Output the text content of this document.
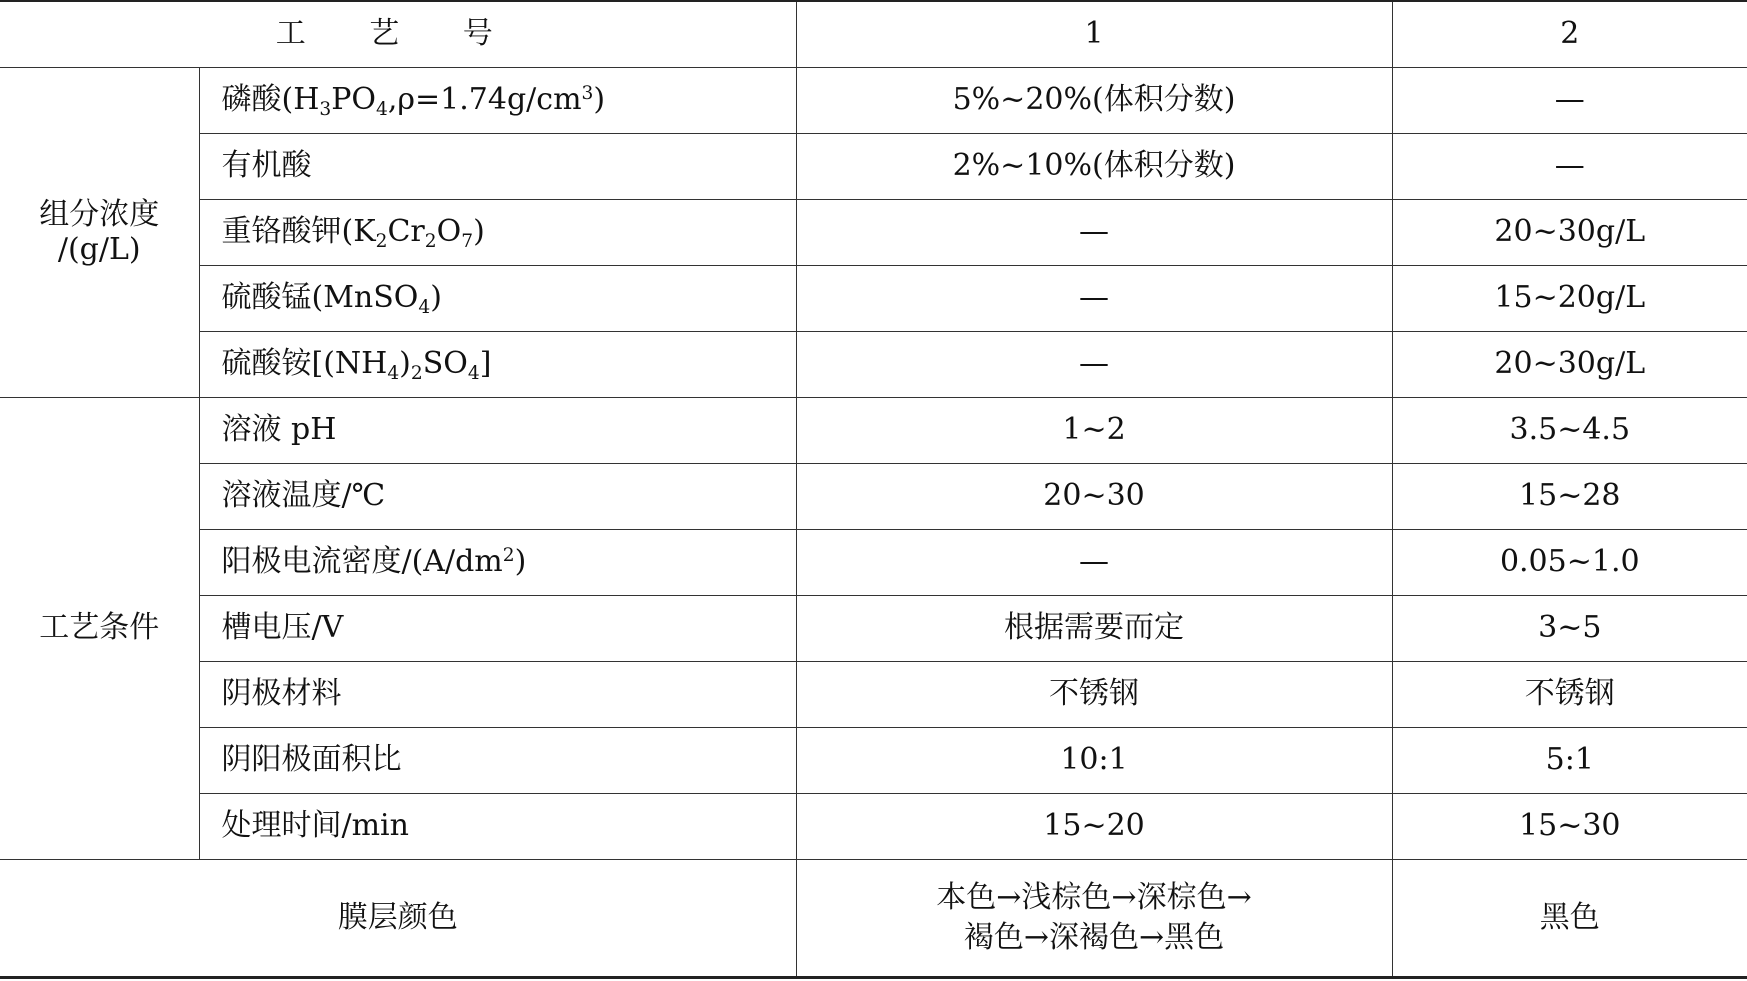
工 艺 号		1	2
组分浓度
/(g/L)	磷酸$(H_3PO_4,\rho=1.74g/cm^3)$	5%~20%(体积分数)	—
	有机酸	2%~10%(体积分数)	—
	重铬酸钾$(K_2Cr_2O_7)$	—	20~30g/L
	硫酸锰(MnSO$_4$)	—	15~20g/L
	硫酸铵$[(NH_4)_2SO_4]$	—	20~30g/L
工艺条件	溶液 pH	1~2	3.5~4.5
	溶液温度/℃	20~30	15~28
	阳极电流密度$/(A/dm^2)$	—	0.05~1.0
	槽电压/V	根据需要而定	3~5
	阴极材料	不锈钢	不锈钢
	阴阳极面积比	10:1	5:1
	处理时间/min	15~20	15~30
膜层颜色		本色→浅棕色→深棕色→
褐色→深褐色→黑色	黑色
